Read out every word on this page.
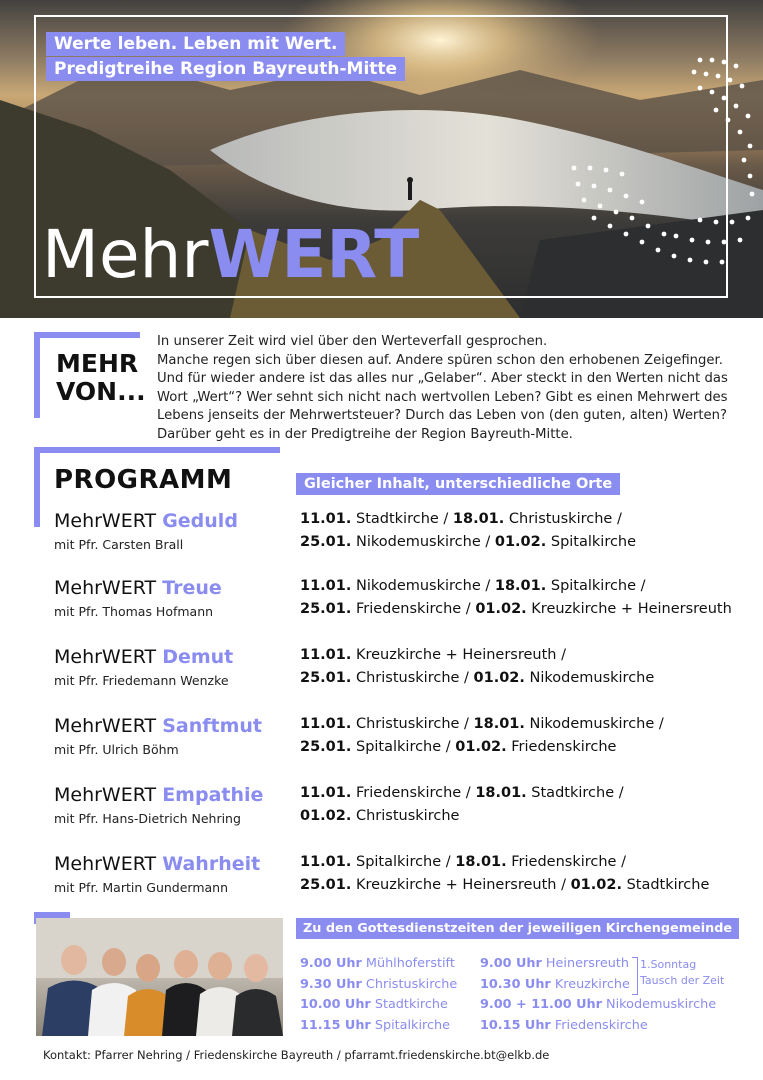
Werte leben. Leben mit Wert.
Predigtreihe Region Bayreuth-Mitte
MehrWERT
MEHR
VON...

In unserer Zeit wird viel über den Werteverfall gesprochen.

Manche regen sich über diesen auf. Andere spüren schon den erhobenen Zeigefinger.

Und für wieder andere ist das alles nur „Gelaber“. Aber steckt in den Werten nicht das

Wort „Wert“? Wer sehnt sich nicht nach wertvollen Leben? Gibt es einen Mehrwert des

Lebens jenseits der Mehrwertsteuer? Durch das Leben von (den guten, alten) Werten?

Darüber geht es in der Predigtreihe der Region Bayreuth-Mitte.

PROGRAMM	Gleicher Inhalt, unterschiedliche Orte
MehrWERT Geduld
mit Pfr. Carsten Brall
11.01. Stadtkirche / 18.01. Christuskirche /
25.01. Nikodemuskirche / 01.02. Spitalkirche
MehrWERT Treue
mit Pfr. Thomas Hofmann
11.01. Nikodemuskirche / 18.01. Spitalkirche /
25.01. Friedenskirche / 01.02. Kreuzkirche + Heinersreuth
MehrWERT Demut
mit Pfr. Friedemann Wenzke
11.01. Kreuzkirche + Heinersreuth /
25.01. Christuskirche / 01.02. Nikodemuskirche
MehrWERT Sanftmut
mit Pfr. Ulrich Böhm
11.01. Christuskirche / 18.01. Nikodemuskirche /
25.01. Spitalkirche / 01.02. Friedenskirche
MehrWERT Empathie
mit Pfr. Hans-Dietrich Nehring
11.01. Friedenskirche / 18.01. Stadtkirche /
01.02. Christuskirche
MehrWERT Wahrheit
mit Pfr. Martin Gundermann
11.01. Spitalkirche / 18.01. Friedenskirche /
25.01. Kreuzkirche + Heinersreuth / 01.02. Stadtkirche
Zu den Gottesdienstzeiten der jeweiligen Kirchengemeinde
9.00 Uhr Mühlhoferstift
9.30 Uhr Christuskirche
10.00 Uhr Stadtkirche
11.15 Uhr Spitalkirche
9.00 Uhr Heinersreuth
10.30 Uhr Kreuzkirche
9.00 + 11.00 Uhr Nikodemuskirche
10.15 Uhr Friedenskirche
1.Sonntag
Tausch der Zeit
Kontakt: Pfarrer Nehring / Friedenskirche Bayreuth / pfarramt.friedenskirche.bt@elkb.de
